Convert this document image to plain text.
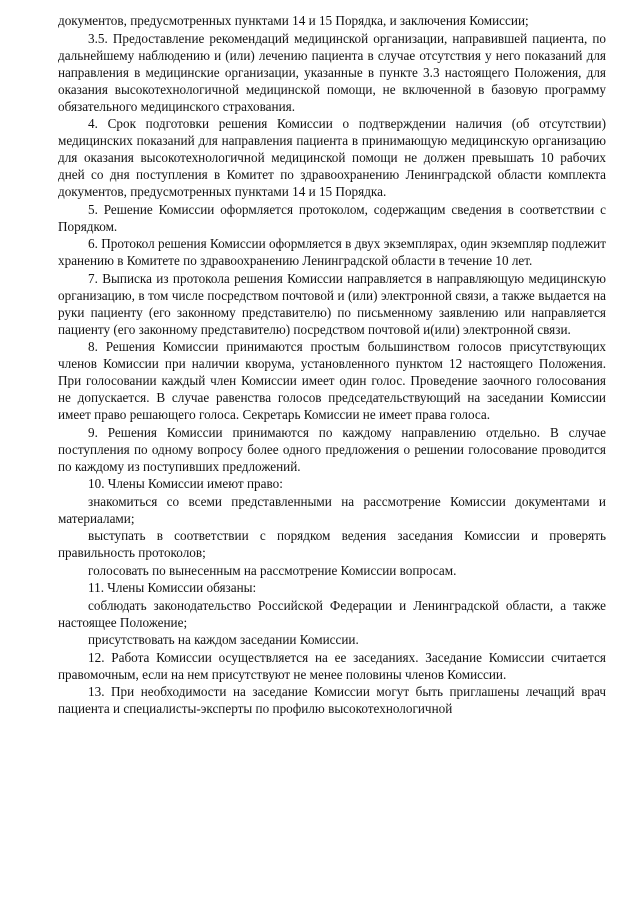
документов, предусмотренных пунктами 14 и 15 Порядка, и заключения Комиссии;

3.5. Предоставление рекомендаций медицинской организации, направившей пациента, по дальнейшему наблюдению и (или) лечению пациента в случае отсутствия у него показаний для направления в медицинские организации, указанные в пункте 3.3 настоящего Положения, для оказания высокотехнологичной медицинской помощи, не включенной в базовую программу обязательного медицинского страхования.

4. Срок подготовки решения Комиссии о подтверждении наличия (об отсутствии) медицинских показаний для направления пациента в принимающую медицинскую организацию для оказания высокотехнологичной медицинской помощи не должен превышать 10 рабочих дней со дня поступления в Комитет по здравоохранению Ленинградской области комплекта документов, предусмотренных пунктами 14 и 15 Порядка.

5. Решение Комиссии оформляется протоколом, содержащим сведения в соответствии с Порядком.

6. Протокол решения Комиссии оформляется в двух экземплярах, один экземпляр подлежит хранению в Комитете по здравоохранению Ленинградской области в течение 10 лет.

7. Выписка из протокола решения Комиссии направляется в направляющую медицинскую организацию, в том числе посредством почтовой и (или) электронной связи, а также выдается на руки пациенту (его законному представителю) по письменному заявлению или направляется пациенту (его законному представителю) посредством почтовой и(или) электронной связи.

8. Решения Комиссии принимаются простым большинством голосов присутствующих членов Комиссии при наличии кворума, установленного пунктом 12 настоящего Положения. При голосовании каждый член Комиссии имеет один голос. Проведение заочного голосования не допускается. В случае равенства голосов председательствующий на заседании Комиссии имеет право решающего голоса. Секретарь Комиссии не имеет права голоса.

9. Решения Комиссии принимаются по каждому направлению отдельно. В случае поступления по одному вопросу более одного предложения о решении голосование проводится по каждому из поступивших предложений.

10. Члены Комиссии имеют право:

знакомиться со всеми представленными на рассмотрение Комиссии документами и материалами;

выступать в соответствии с порядком ведения заседания Комиссии и проверять правильность протоколов;

голосовать по вынесенным на рассмотрение Комиссии вопросам.

11. Члены Комиссии обязаны:

соблюдать законодательство Российской Федерации и Ленинградской области, а также настоящее Положение;

присутствовать на каждом заседании Комиссии.

12. Работа Комиссии осуществляется на ее заседаниях. Заседание Комиссии считается правомочным, если на нем присутствуют не менее половины членов Комиссии.

13. При необходимости на заседание Комиссии могут быть приглашены лечащий врач пациента и специалисты-эксперты по профилю высокотехнологичной
